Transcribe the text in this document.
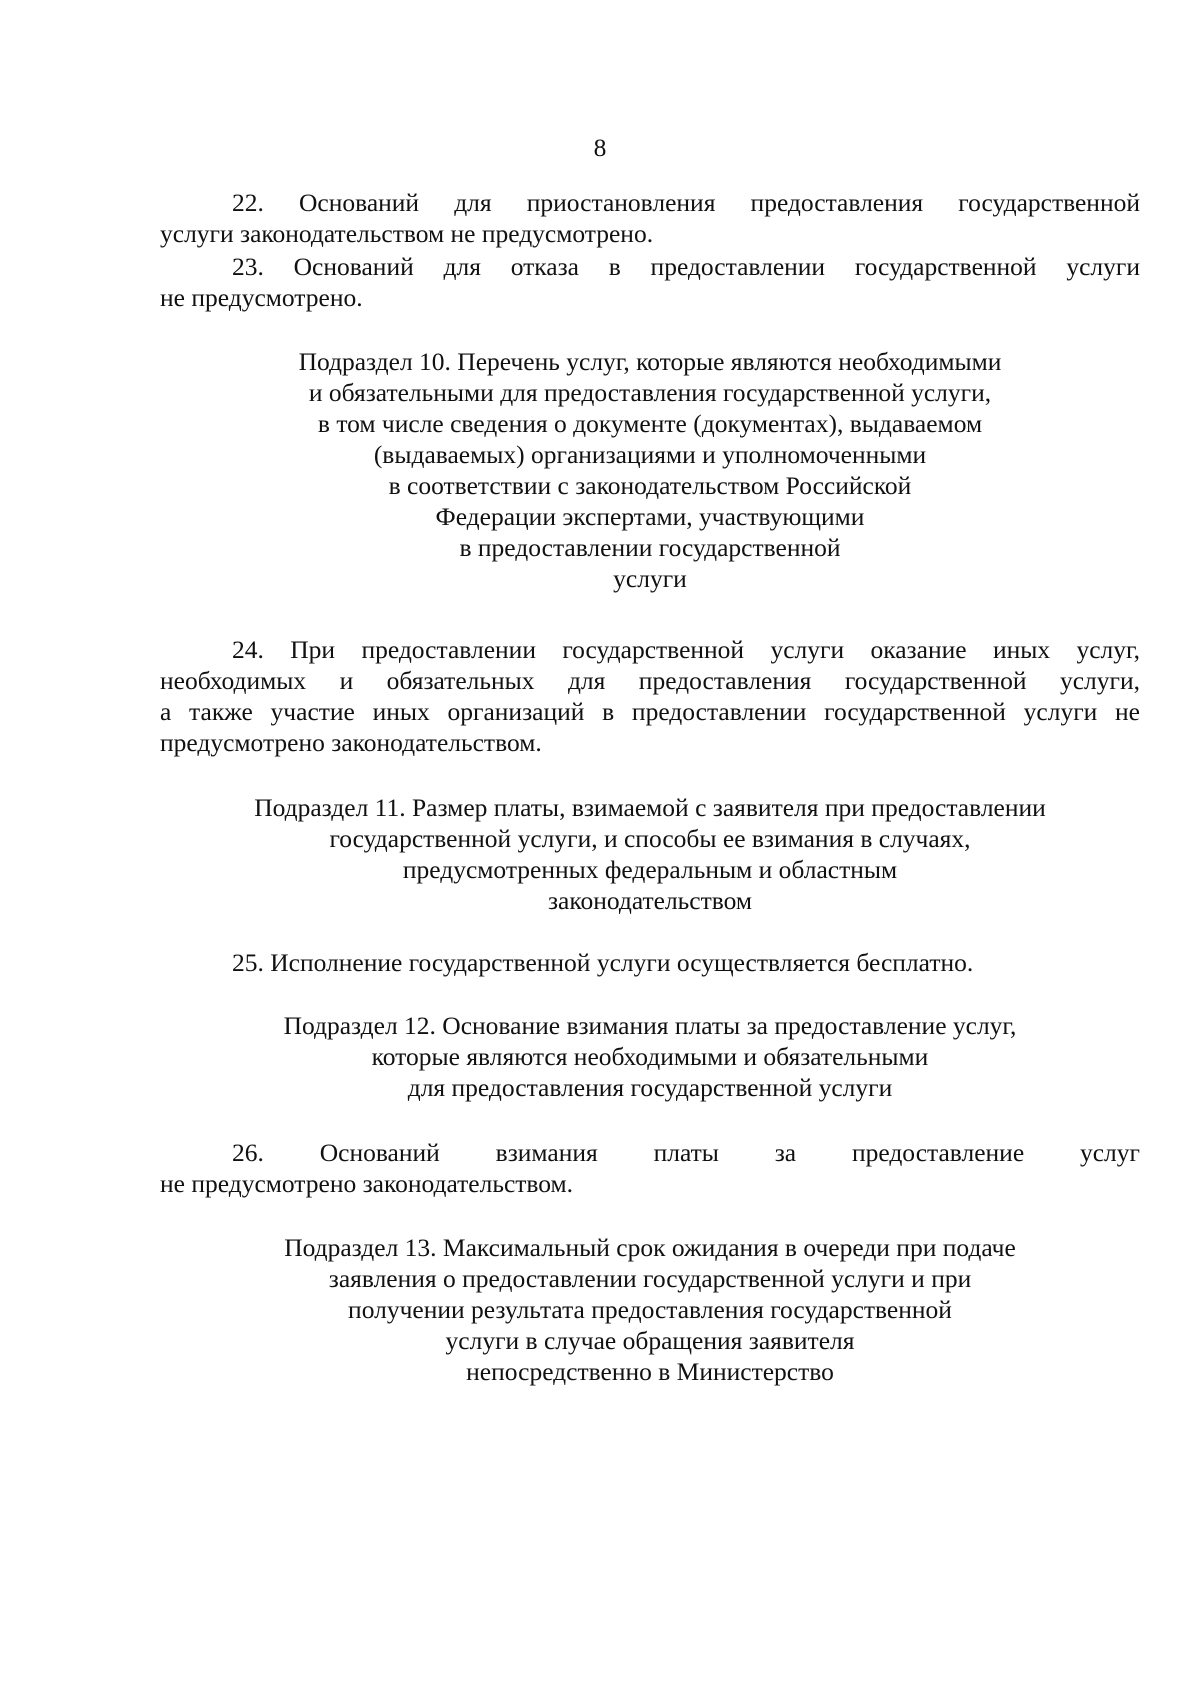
8

22. Оснований для приостановления предоставления государственной
услуги законодательством не предусмотрено.

23. Оснований для отказа в предоставлении государственной услуги
не предусмотрено.

Подраздел 10. Перечень услуг, которые являются необходимыми
и обязательными для предоставления государственной услуги,
в том числе сведения о документе (документах), выдаваемом
(выдаваемых) организациями и уполномоченными
в соответствии с законодательством Российской
Федерации экспертами, участвующими
в предоставлении государственной
услуги

24. При предоставлении государственной услуги оказание иных услуг,
необходимых и обязательных для предоставления государственной услуги,
а также участие иных организаций в предоставлении государственной услуги не
предусмотрено законодательством.

Подраздел 11. Размер платы, взимаемой с заявителя при предоставлении
государственной услуги, и способы ее взимания в случаях,
предусмотренных федеральным и областным
законодательством

25. Исполнение государственной услуги осуществляется бесплатно.

Подраздел 12. Основание взимания платы за предоставление услуг,
которые являются необходимыми и обязательными
для предоставления государственной услуги

26. Оснований взимания платы за предоставление услуг
не предусмотрено законодательством.

Подраздел 13. Максимальный срок ожидания в очереди при подаче
заявления о предоставлении государственной услуги и при
получении результата предоставления государственной
услуги в случае обращения заявителя
непосредственно в Министерство
